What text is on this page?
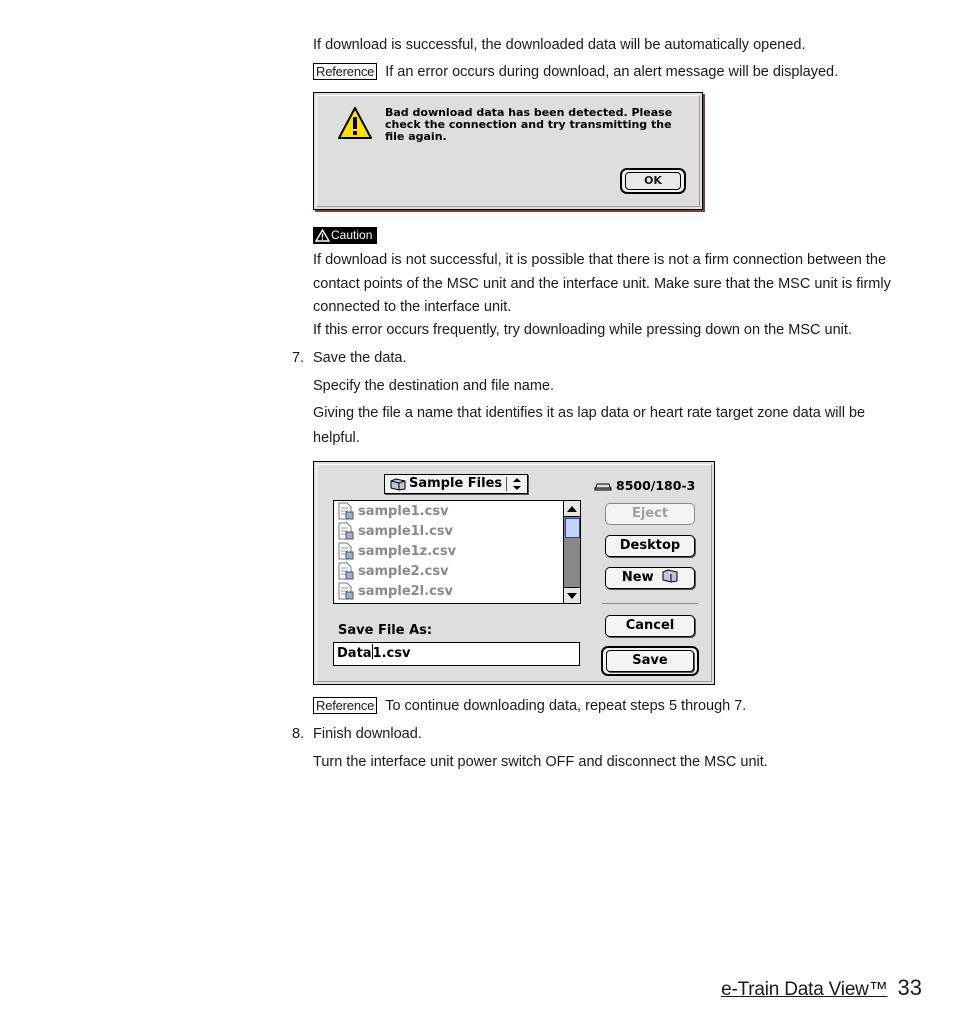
If download is successful, the downloaded data will be automatically opened.
Reference If an error occurs during download, an alert message will be displayed.
Bad download data has been detected. Please check the connection and try transmitting the file again.
OK
Caution
If download is not successful, it is possible that there is not a firm connection between the
contact points of the MSC unit and the interface unit. Make sure that the MSC unit is firmly
connected to the interface unit.
If this error occurs frequently, try downloading while pressing down on the MSC unit.
7. Save the data.
Specify the destination and file name.
Giving the file a name that identifies it as lap data or heart rate target zone data will be
helpful.
Sample Files	8500/180-3
sample1.csv
sample1l.csv
sample1z.csv
sample2.csv
sample2l.csv
Eject
Desktop
New
Cancel
Save File As:
Data1.csv	Save
Reference To continue downloading data, repeat steps 5 through 7.
8. Finish download.
Turn the interface unit power switch OFF and disconnect the MSC unit.
e-Train Data View™ 33
